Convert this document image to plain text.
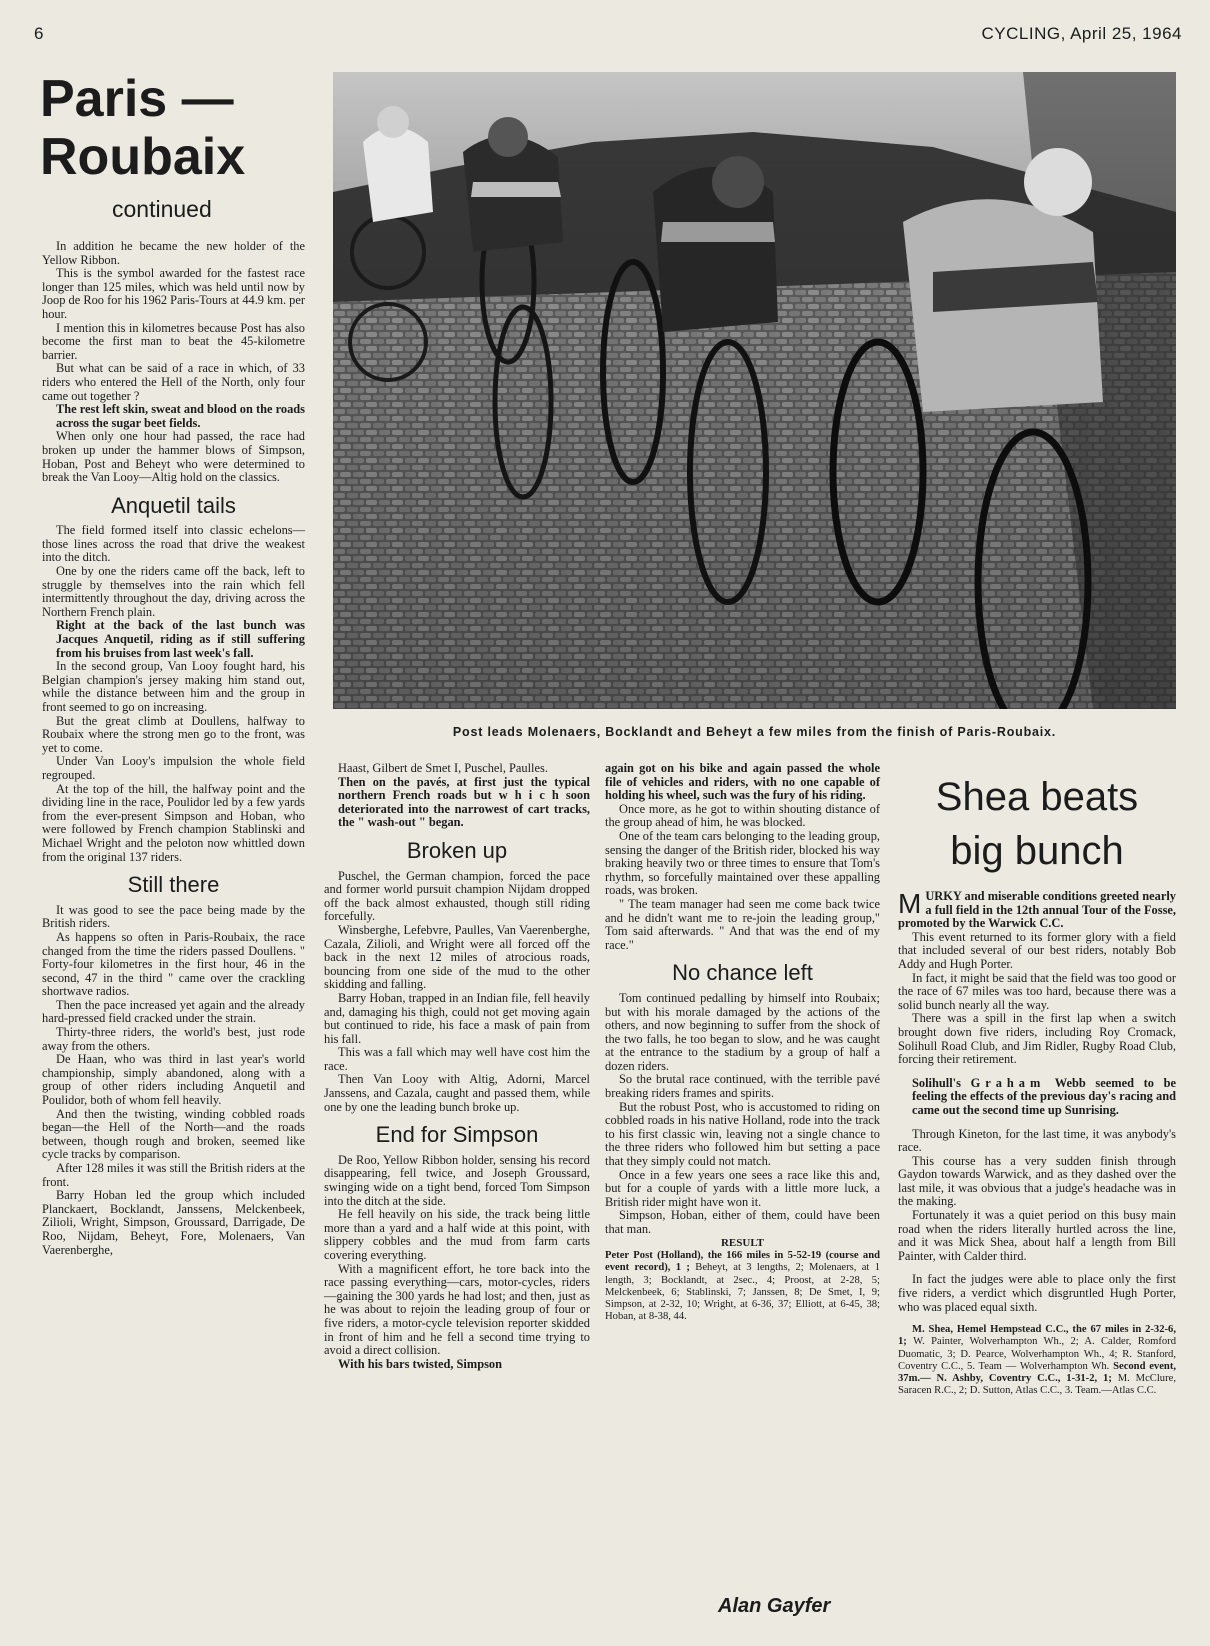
6	CYCLING, April 25, 1964
Paris —
Roubaix
continued
Post leads Molenaers, Bocklandt and Beheyt a few miles from the finish of Paris-Roubaix.

In addition he became the new holder of the Yellow Ribbon.

This is the symbol awarded for the fastest race longer than 125 miles, which was held until now by Joop de Roo for his 1962 Paris-Tours at 44.9 km. per hour.

I mention this in kilometres because Post has also become the first man to beat the 45-kilometre barrier.

But what can be said of a race in which, of 33 riders who entered the Hell of the North, only four came out together ?

The rest left skin, sweat and blood on the roads across the sugar beet fields.

When only one hour had passed, the race had broken up under the hammer blows of Simpson, Hoban, Post and Beheyt who were determined to break the Van Looy—Altig hold on the classics.

Anquetil tails

The field formed itself into classic echelons—those lines across the road that drive the weakest into the ditch.

One by one the riders came off the back, left to struggle by themselves into the rain which fell intermittently throughout the day, driving across the Northern French plain.

Right at the back of the last bunch was Jacques Anquetil, riding as if still suffering from his bruises from last week's fall.

In the second group, Van Looy fought hard, his Belgian champion's jersey making him stand out, while the distance between him and the group in front seemed to go on increasing.

But the great climb at Doullens, halfway to Roubaix where the strong men go to the front, was yet to come.

Under Van Looy's impulsion the whole field regrouped.

At the top of the hill, the halfway point and the dividing line in the race, Poulidor led by a few yards from the ever-present Simpson and Hoban, who were followed by French champion Stablinski and Michael Wright and the peloton now whittled down from the original 137 riders.

Still there

It was good to see the pace being made by the British riders.

As happens so often in Paris-Roubaix, the race changed from the time the riders passed Doullens. " Forty-four kilometres in the first hour, 46 in the second, 47 in the third " came over the crackling shortwave radios.

Then the pace increased yet again and the already hard-pressed field cracked under the strain.

Thirty-three riders, the world's best, just rode away from the others.

De Haan, who was third in last year's world championship, simply abandoned, along with a group of other riders including Anquetil and Poulidor, both of whom fell heavily.

And then the twisting, winding cobbled roads began—the Hell of the North—and the roads between, though rough and broken, seemed like cycle tracks by comparison.

After 128 miles it was still the British riders at the front.

Barry Hoban led the group which included Planckaert, Bocklandt, Janssens, Melckenbeek, Zilioli, Wright, Simpson, Groussard, Darrigade, De Roo, Nijdam, Beheyt, Fore, Molenaers, Van Vaerenberghe,

Haast, Gilbert de Smet I, Puschel, Paulles.

Then on the pavés, at first just the typical northern French roads but w h i c h soon deteriorated into the narrowest of cart tracks, the " wash-out " began.

Broken up

Puschel, the German champion, forced the pace and former world pursuit champion Nijdam dropped off the back almost exhausted, though still riding forcefully.

Winsberghe, Lefebvre, Paulles, Van Vaerenberghe, Cazala, Zilioli, and Wright were all forced off the back in the next 12 miles of atrocious roads, bouncing from one side of the mud to the other skidding and falling.

Barry Hoban, trapped in an Indian file, fell heavily and, damaging his thigh, could not get moving again but continued to ride, his face a mask of pain from his fall.

This was a fall which may well have cost him the race.

Then Van Looy with Altig, Adorni, Marcel Janssens, and Cazala, caught and passed them, while one by one the leading bunch broke up.

End for Simpson

De Roo, Yellow Ribbon holder, sensing his record disappearing, fell twice, and Joseph Groussard, swinging wide on a tight bend, forced Tom Simpson into the ditch at the side.

He fell heavily on his side, the track being little more than a yard and a half wide at this point, with slippery cobbles and the mud from farm carts covering everything.

With a magnificent effort, he tore back into the race passing everything—cars, motor-cycles, riders—gaining the 300 yards he had lost; and then, just as he was about to rejoin the leading group of four or five riders, a motor-cycle television reporter skidded in front of him and he fell a second time trying to avoid a direct collision.

With his bars twisted, Simpson

again got on his bike and again passed the whole file of vehicles and riders, with no one capable of holding his wheel, such was the fury of his riding.

Once more, as he got to within shouting distance of the group ahead of him, he was blocked.

One of the team cars belonging to the leading group, sensing the danger of the British rider, blocked his way braking heavily two or three times to ensure that Tom's rhythm, so forcefully maintained over these appalling roads, was broken.

" The team manager had seen me come back twice and he didn't want me to re-join the leading group," Tom said afterwards. " And that was the end of my race."

No chance left

Tom continued pedalling by himself into Roubaix; but with his morale damaged by the actions of the others, and now beginning to suffer from the shock of the two falls, he too began to slow, and he was caught at the entrance to the stadium by a group of half a dozen riders.

So the brutal race continued, with the terrible pavé breaking riders frames and spirits.

But the robust Post, who is accustomed to riding on cobbled roads in his native Holland, rode into the track to his first classic win, leaving not a single chance to the three riders who followed him but setting a pace that they simply could not match.

Once in a few years one sees a race like this and, but for a couple of yards with a little more luck, a British rider might have won it.

Simpson, Hoban, either of them, could have been that man.

RESULT

Peter Post (Holland), the 166 miles in 5-52-19 (course and event record), 1 ; Beheyt, at 3 lengths, 2; Molenaers, at 1 length, 3; Bocklandt, at 2sec., 4; Proost, at 2-28, 5; Melckenbeek, 6; Stablinski, 7; Janssen, 8; De Smet, I, 9; Simpson, at 2-32, 10; Wright, at 6-36, 37; Elliott, at 6-45, 38; Hoban, at 8-38, 44.

Alan Gayfer
Shea beats
big bunch

MURKY and miserable conditions greeted nearly a full field in the 12th annual Tour of the Fosse, promoted by the Warwick C.C.

This event returned to its former glory with a field that included several of our best riders, notably Bob Addy and Hugh Porter.

In fact, it might be said that the field was too good or the race of 67 miles was too hard, because there was a solid bunch nearly all the way.

There was a spill in the first lap when a switch brought down five riders, including Roy Cromack, Solihull Road Club, and Jim Ridler, Rugby Road Club, forcing their retirement.

Solihull's Graham Webb seemed to be feeling the effects of the previous day's racing and came out the second time up Sunrising.

Through Kineton, for the last time, it was anybody's race.

This course has a very sudden finish through Gaydon towards Warwick, and as they dashed over the last mile, it was obvious that a judge's headache was in the making.

Fortunately it was a quiet period on this busy main road when the riders literally hurtled across the line, and it was Mick Shea, about half a length from Bill Painter, with Calder third.

In fact the judges were able to place only the first five riders, a verdict which disgruntled Hugh Porter, who was placed equal sixth.

M. Shea, Hemel Hempstead C.C., the 67 miles in 2-32-6, 1; W. Painter, Wolverhampton Wh., 2; A. Calder, Romford Duomatic, 3; D. Pearce, Wolverhampton Wh., 4; R. Stanford, Coventry C.C., 5. Team — Wolverhampton Wh. Second event, 37m.— N. Ashby, Coventry C.C., 1-31-2, 1; M. McClure, Saracen R.C., 2; D. Sutton, Atlas C.C., 3. Team.—Atlas C.C.
